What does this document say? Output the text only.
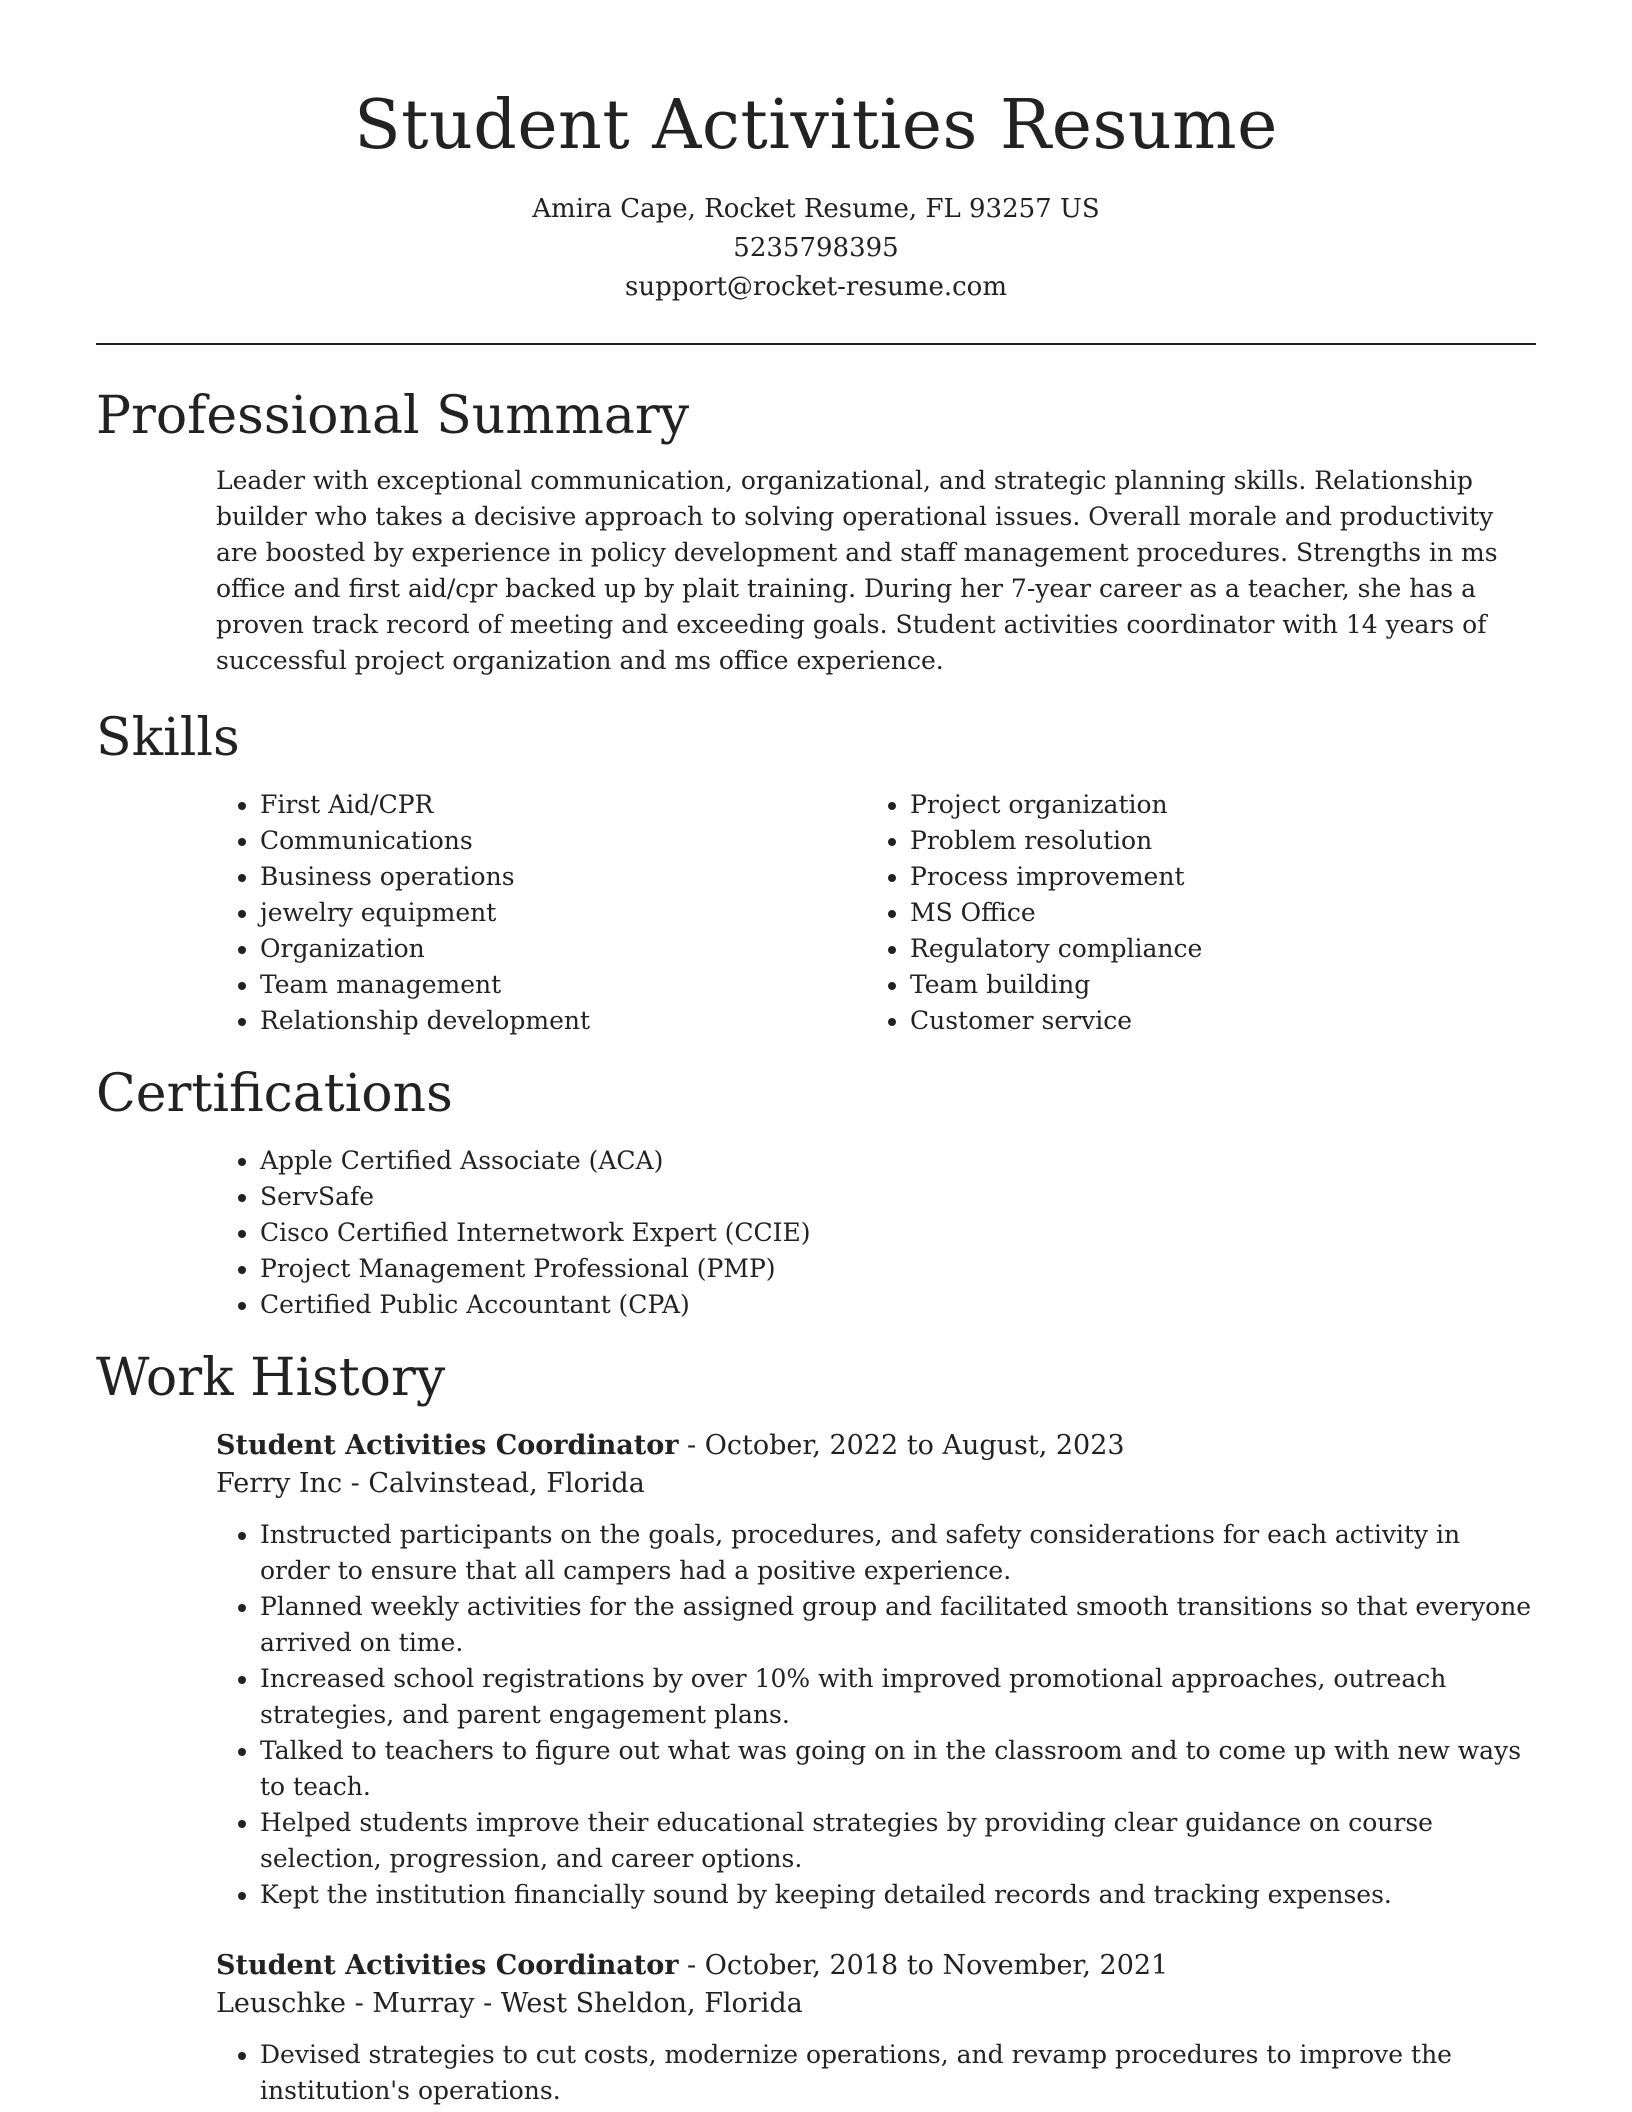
Student Activities Resume
Amira Cape, Rocket Resume, FL 93257 US
5235798395
support@rocket-resume.com
Professional Summary

Leader with exceptional communication, organizational, and strategic planning skills. Relationship builder who takes a decisive approach to solving operational issues. Overall morale and productivity are boosted by experience in policy development and staff management procedures. Strengths in ms office and first aid/cpr backed up by plait training. During her 7-year career as a teacher, she has a proven track record of meeting and exceeding goals. Student activities coordinator with 14 years of successful project organization and ms office experience.

Skills
• First Aid/CPR
• Communications
• Business operations
• jewelry equipment
• Organization
• Team management
• Relationship development
• Project organization
• Problem resolution
• Process improvement
• MS Office
• Regulatory compliance
• Team building
• Customer service
Certifications
• Apple Certified Associate (ACA)
• ServSafe
• Cisco Certified Internetwork Expert (CCIE)
• Project Management Professional (PMP)
• Certified Public Accountant (CPA)
Work History
Student Activities Coordinator - October, 2022 to August, 2023
Ferry Inc - Calvinstead, Florida
• Instructed participants on the goals, procedures, and safety considerations for each activity in order to ensure that all campers had a positive experience.
• Planned weekly activities for the assigned group and facilitated smooth transitions so that everyone arrived on time.
• Increased school registrations by over 10% with improved promotional approaches, outreach strategies, and parent engagement plans.
• Talked to teachers to figure out what was going on in the classroom and to come up with new ways to teach.
• Helped students improve their educational strategies by providing clear guidance on course selection, progression, and career options.
• Kept the institution financially sound by keeping detailed records and tracking expenses.
Student Activities Coordinator - October, 2018 to November, 2021
Leuschke - Murray - West Sheldon, Florida
• Devised strategies to cut costs, modernize operations, and revamp procedures to improve the institution's operations.
